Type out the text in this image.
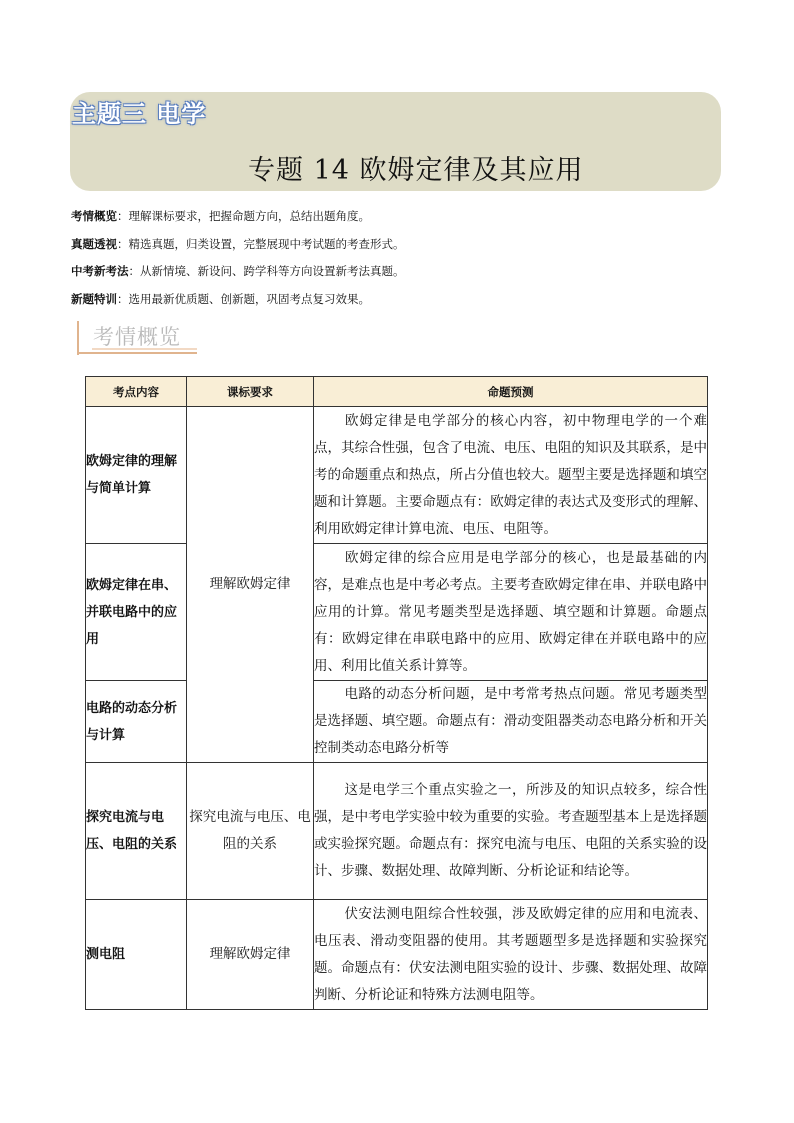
主题三 电学
专题 14 欧姆定律及其应用
考情概览：理解课标要求，把握命题方向，总结出题角度。
真题透视：精选真题，归类设置，完整展现中考试题的考查形式。
中考新考法：从新情境、新设问、跨学科等方向设置新考法真题。
新题特训：选用最新优质题、创新题，巩固考点复习效果。
考情概览
考点内容	课标要求	命题预测
欧姆定律的理解与简单计算	理解欧姆定律	欧姆定律是电学部分的核心内容，初中物理电学的一个难点，其综合性强，包含了电流、电压、电阻的知识及其联系，是中考的命题重点和热点，所占分值也较大。题型主要是选择题和填空题和计算题。主要命题点有：欧姆定律的表达式及变形式的理解、利用欧姆定律计算电流、电压、电阻等。
欧姆定律在串、并联电路中的应用		欧姆定律的综合应用是电学部分的核心，也是最基础的内容，是难点也是中考必考点。主要考查欧姆定律在串、并联电路中应用的计算。常见考题类型是选择题、填空题和计算题。命题点有：欧姆定律在串联电路中的应用、欧姆定律在并联电路中的应用、利用比值关系计算等。
电路的动态分析与计算		电路的动态分析问题，是中考常考热点问题。常见考题类型是选择题、填空题。命题点有：滑动变阻器类动态电路分析和开关控制类动态电路分析等
探究电流与电压、电阻的关系	探究电流与电压、电阻的关系	这是电学三个重点实验之一，所涉及的知识点较多，综合性强，是中考电学实验中较为重要的实验。考查题型基本上是选择题或实验探究题。命题点有：探究电流与电压、电阻的关系实验的设计、步骤、数据处理、故障判断、分析论证和结论等。
测电阻	理解欧姆定律	伏安法测电阻综合性较强，涉及欧姆定律的应用和电流表、电压表、滑动变阻器的使用。其考题题型多是选择题和实验探究题。命题点有：伏安法测电阻实验的设计、步骤、数据处理、故障判断、分析论证和特殊方法测电阻等。
